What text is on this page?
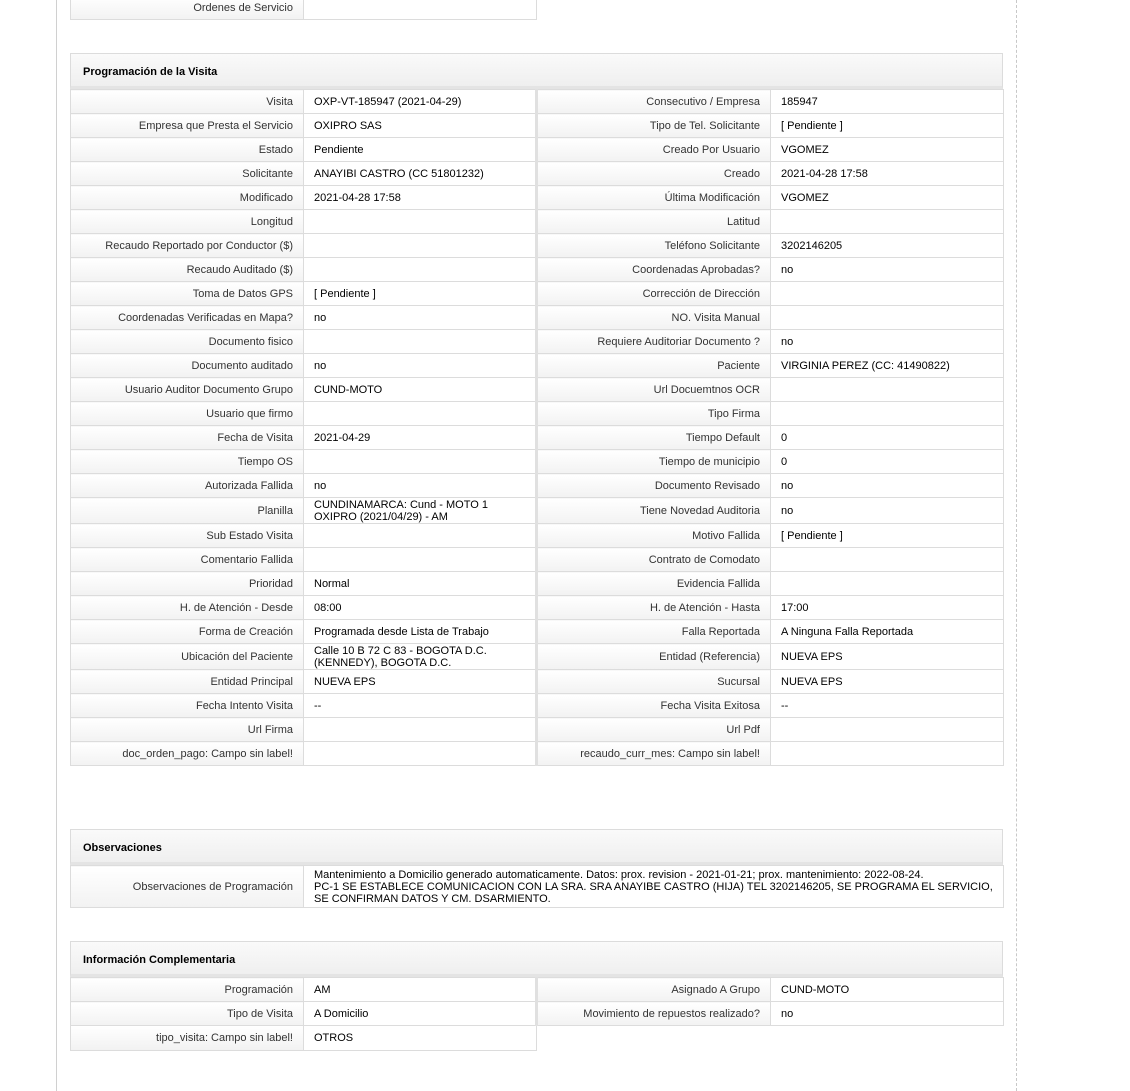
Ordenes de Servicio	
Programación de la Visita
Visita	OXP-VT-185947 (2021-04-29)	Consecutivo / Empresa	185947
Empresa que Presta el Servicio	OXIPRO SAS	Tipo de Tel. Solicitante	[ Pendiente ]
Estado	Pendiente	Creado Por Usuario	VGOMEZ
Solicitante	ANAYIBI CASTRO (CC 51801232)	Creado	2021-04-28 17:58
Modificado	2021-04-28 17:58	Última Modificación	VGOMEZ
Longitud		Latitud	
Recaudo Reportado por Conductor ($)		Teléfono Solicitante	3202146205
Recaudo Auditado ($)		Coordenadas Aprobadas?	no
Toma de Datos GPS	[ Pendiente ]	Corrección de Dirección	
Coordenadas Verificadas en Mapa?	no	NO. Visita Manual	
Documento fisico		Requiere Auditoriar Documento ?	no
Documento auditado	no	Paciente	VIRGINIA PEREZ (CC: 41490822)
Usuario Auditor Documento Grupo	CUND-MOTO	Url Docuemtnos OCR	
Usuario que firmo		Tipo Firma	
Fecha de Visita	2021-04-29	Tiempo Default	0
Tiempo OS		Tiempo de municipio	0
Autorizada Fallida	no	Documento Revisado	no
Planilla	CUNDINAMARCA: Cund - MOTO 1 OXIPRO (2021/04/29) - AM	Tiene Novedad Auditoria	no
Sub Estado Visita		Motivo Fallida	[ Pendiente ]
Comentario Fallida		Contrato de Comodato	
Prioridad	Normal	Evidencia Fallida	
H. de Atención - Desde	08:00	H. de Atención - Hasta	17:00
Forma de Creación	Programada desde Lista de Trabajo	Falla Reportada	A Ninguna Falla Reportada
Ubicación del Paciente	Calle 10 B 72 C 83 - BOGOTA D.C. (KENNEDY), BOGOTA D.C.	Entidad (Referencia)	NUEVA EPS
Entidad Principal	NUEVA EPS	Sucursal	NUEVA EPS
Fecha Intento Visita	--	Fecha Visita Exitosa	--
Url Firma		Url Pdf	
doc_orden_pago: Campo sin label!		recaudo_curr_mes: Campo sin label!	
Observaciones
Observaciones de Programación	Mantenimiento a Domicilio generado automaticamente. Datos: prox. revision - 2021-01-21; prox. mantenimiento: 2022-08-24.
PC-1 SE ESTABLECE COMUNICACION CON LA SRA. SRA ANAYIBE CASTRO (HIJA) TEL 3202146205, SE PROGRAMA EL SERVICIO, SE CONFIRMAN DATOS Y CM. DSARMIENTO.
Información Complementaria
Programación	AM	Asignado A Grupo	CUND-MOTO
Tipo de Visita	A Domicilio	Movimiento de repuestos realizado?	no
tipo_visita: Campo sin label!	OTROS
